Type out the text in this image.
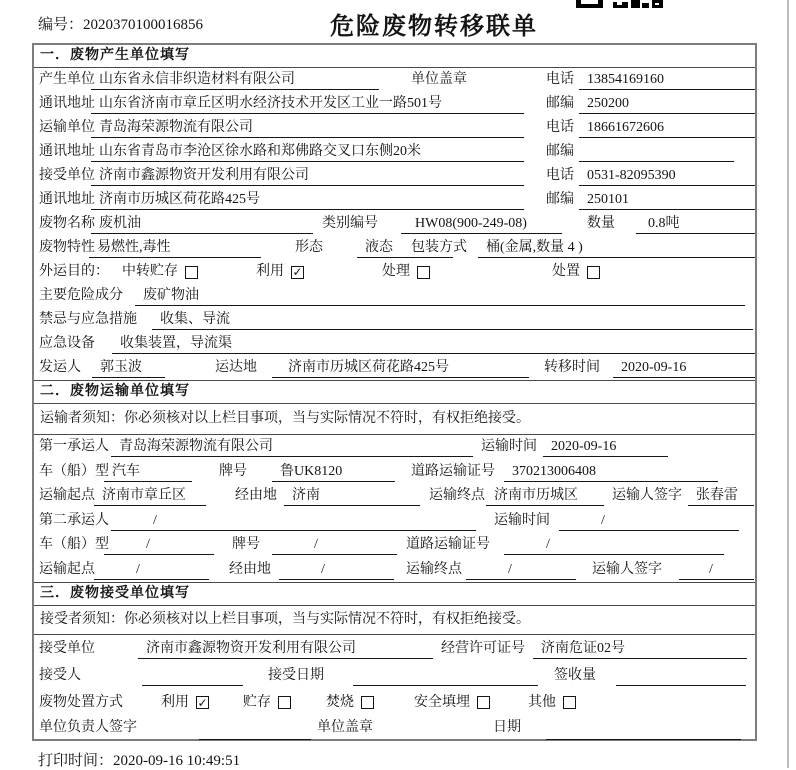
编号：2020370100016856	危险废物转移联单
一．废物产生单位填写
产生单位 山东省永信非织造材料有限公司	单位盖章	电话 13854169160
通讯地址 山东省济南市章丘区明水经济技术开发区工业一路501号	邮编 250200
运输单位 青岛海荣源物流有限公司	电话 18661672606
通讯地址 山东省青岛市李沧区徐水路和郑佛路交叉口东侧20米	邮编
接受单位 济南市鑫源物资开发利用有限公司	电话 0531-82095390
通讯地址 济南市历城区荷花路425号	邮编 250101
废物名称 废机油	类别编号	HW08(900-249-08)	数量	0.8吨
废物特性 易燃性,毒性	形态	液态	包装方式	桶(金属,数量 4 )
外运目的： 中转贮存	利用 ✓	处理	处置
主要危险成分	废矿物油
禁忌与应急措施	收集、导流
应急设备	收集装置，导流渠
发运人	郭玉波	运达地	济南市历城区荷花路425号	转移时间	2020-09-16
二．废物运输单位填写
运输者须知：你必须核对以上栏目事项，当与实际情况不符时，有权拒绝接受。
第一承运人 青岛海荣源物流有限公司	运输时间	2020-09-16
车（船）型 汽车	牌号	鲁UK8120	道路运输证号	370213006408
运输起点 济南市章丘区	经由地	济南	运输终点 济南市历城区	运输人签字	张春雷
第二承运人	/	运输时间	/
车（船）型	/	牌号	/	道路运输证号	/
运输起点	/	经由地	/	运输终点	/	运输人签字	/
三．废物接受单位填写
接受者须知：你必须核对以上栏目事项，当与实际情况不符时，有权拒绝接受。
接受单位	济南市鑫源物资开发利用有限公司	经营许可证号	济南危证02号
接受人	接受日期	签收量
废物处置方式	利用 ✓	贮存	焚烧	安全填埋	其他
单位负责人签字	单位盖章	日期
打印时间：2020-09-16 10:49:51
